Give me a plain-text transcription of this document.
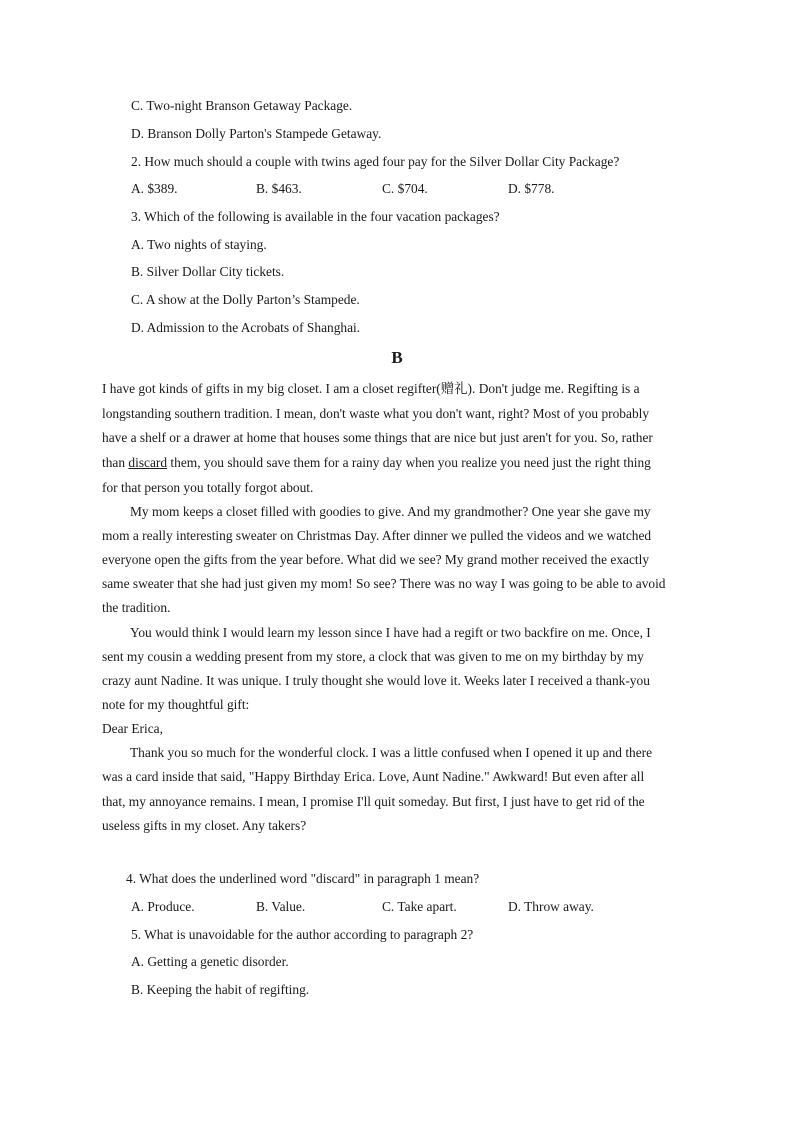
C. Two-night Branson Getaway Package.
D. Branson Dolly Parton's Stampede Getaway.
2. How much should a couple with twins aged four pay for the Silver Dollar City Package?
A. $389.	B. $463.	C. $704.	D. $778.
3. Which of the following is available in the four vacation packages?
A. Two nights of staying.
B. Silver Dollar City tickets.
C. A show at the Dolly Parton’s Stampede.
D. Admission to the Acrobats of Shanghai.
B
I have got kinds of gifts in my big closet. I am a closet regifter(赠礼). Don't judge me. Regifting is a
longstanding southern tradition. I mean, don't waste what you don't want, right? Most of you probably
have a shelf or a drawer at home that houses some things that are nice but just aren't for you. So, rather
than discard them, you should save them for a rainy day when you realize you need just the right thing
for that person you totally forgot about.
My mom keeps a closet filled with goodies to give. And my grandmother? One year she gave my
mom a really interesting sweater on Christmas Day. After dinner we pulled the videos and we watched
everyone open the gifts from the year before. What did we see? My grand mother received the exactly
same sweater that she had just given my mom! So see? There was no way I was going to be able to avoid
the tradition.
You would think I would learn my lesson since I have had a regift or two backfire on me. Once, I
sent my cousin a wedding present from my store, a clock that was given to me on my birthday by my
crazy aunt Nadine. It was unique. I truly thought she would love it. Weeks later I received a thank-you
note for my thoughtful gift:
Dear Erica,
Thank you so much for the wonderful clock. I was a little confused when I opened it up and there
was a card inside that said, "Happy Birthday Erica. Love, Aunt Nadine." Awkward! But even after all
that, my annoyance remains. I mean, I promise I'll quit someday. But first, I just have to get rid of the
useless gifts in my closet. Any takers?
4. What does the underlined word "discard" in paragraph 1 mean?
A. Produce.	B. Value.	C. Take apart.	D. Throw away.
5. What is unavoidable for the author according to paragraph 2?
A. Getting a genetic disorder.
B. Keeping the habit of regifting.
